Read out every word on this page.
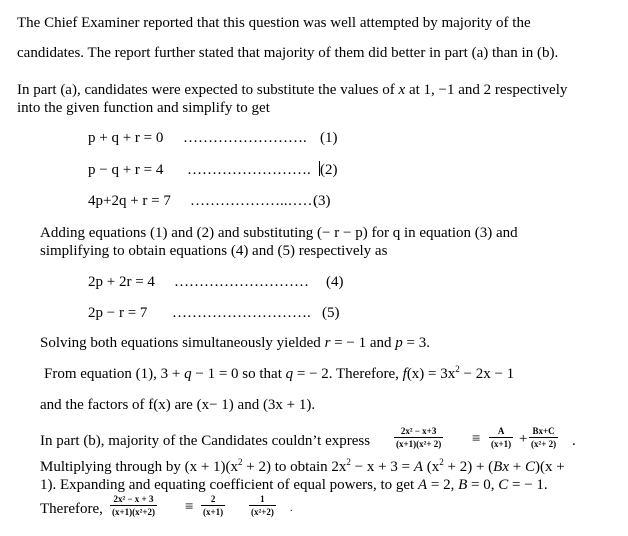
The Chief Examiner reported that this question was well attempted by majority of the
candidates. The report further stated that majority of them did better in part (a) than in (b).
In part (a), candidates were expected to substitute the values of x at 1, −1 and 2 respectively
into the given function and simplify to get
p + q + r = 0 ……………………. (1)
p − q + r = 4 ……………………. (2)
4p+2q + r = 7 ………………..……
(3)
Adding equations (1) and (2) and substituting (− r − p) for q in equation (3) and
simplifying to obtain equations (4) and (5) respectively as
2p + 2r = 4 ……………………… (4)
2p − r = 7 ………………………. (5)
Solving both equations simultaneously yielded r = − 1 and p = 3.
From equation (1), 3 + q − 1 = 0 so that q = − 2. Therefore, $f(x) = 3x^2 - 2x - 1$
and the factors of f(x) are (x− 1) and (3x + 1).
In part (b), majority of the Candidates couldn’t express
2x² − x+3
(x+1)(x²+ 2) ≡	A
(x+1) + Bx+C
(x²+ 2) .
Multiplying through by $(x + 1)(x^2 + 2)$ to obtain $2x^2 - x + 3 = A$ $(x^2 + 2) + (Bx + C)(x$ +
1). Expanding and equating coefficient of equal powers, to get A = 2, B = 0, C = − 1.
Therefore,
2x² − x + 3
(x+1)(x²+2) ≡	2
(x+1)
1
(x²+2) .
